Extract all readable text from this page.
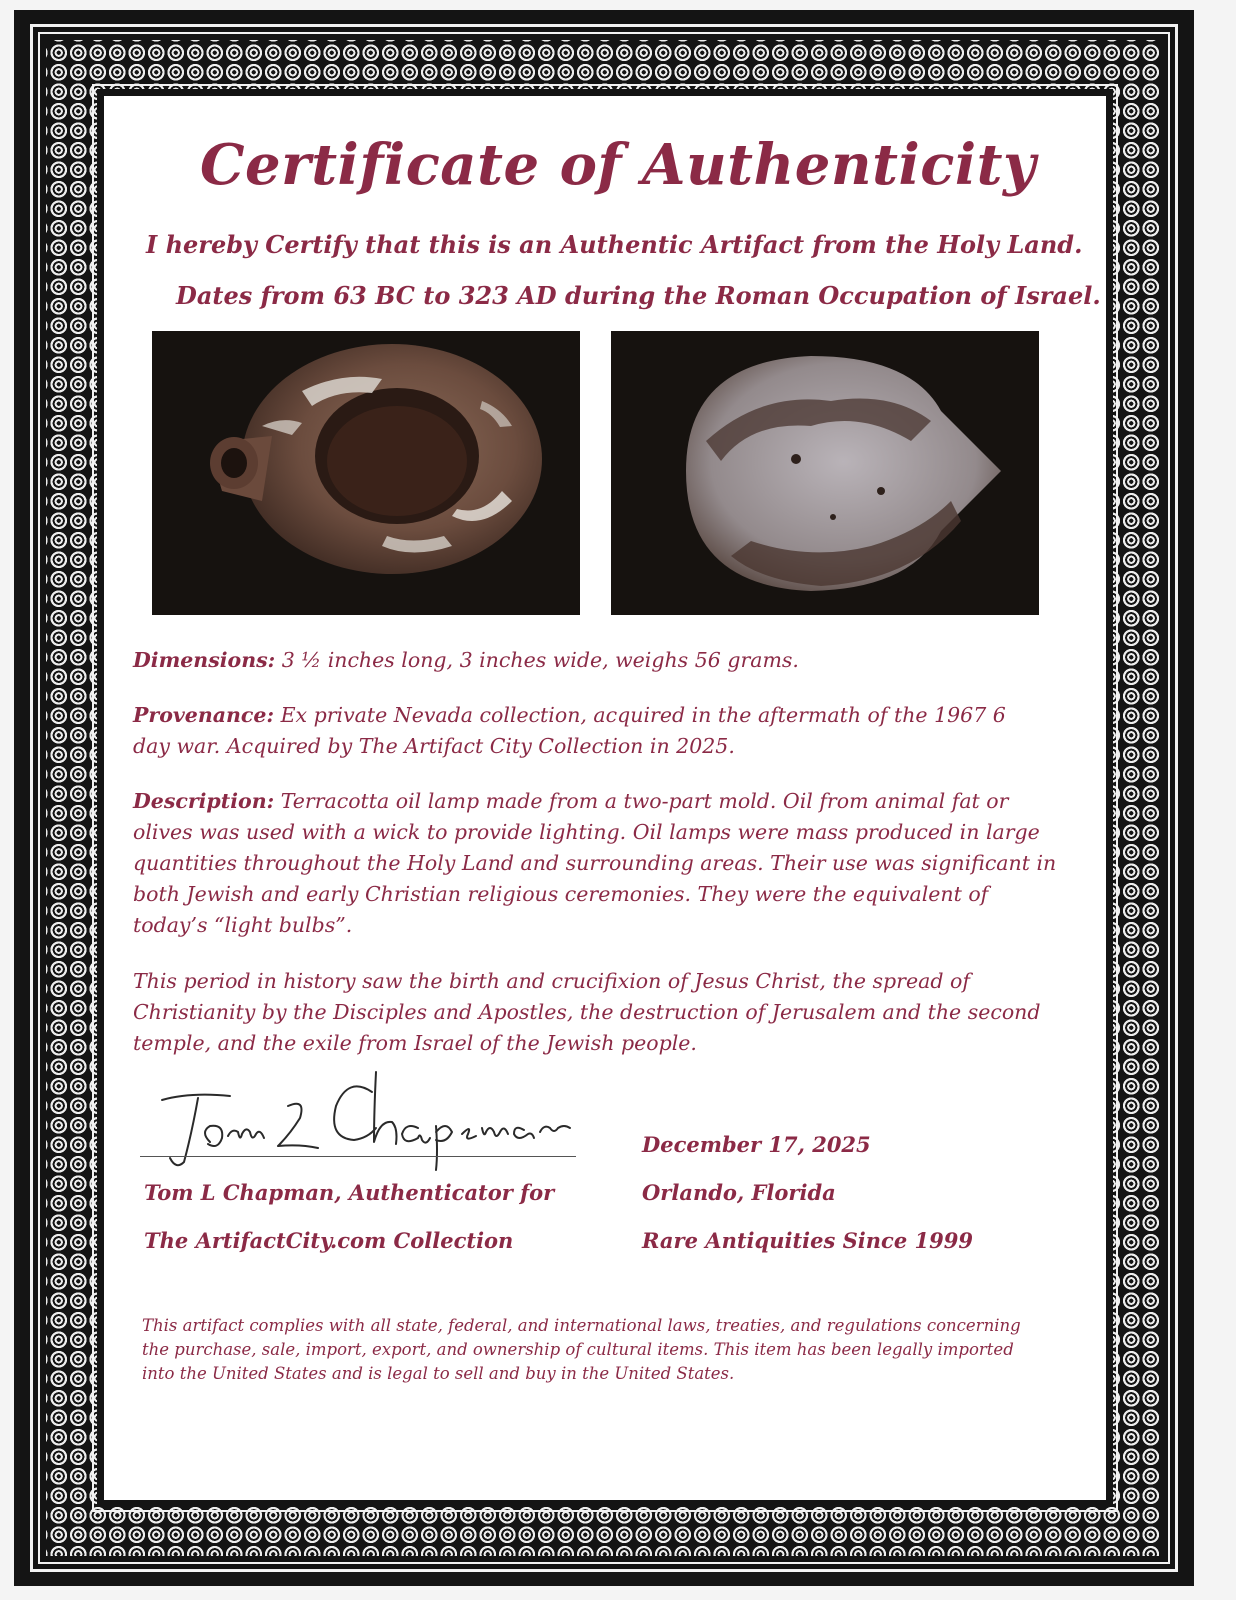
Certificate of Authenticity
I hereby Certify that this is an Authentic Artifact from the Holy Land.
Dates from 63 BC to 323 AD during the Roman Occupation of Israel.
Dimensions: 3 ½ inches long, 3 inches wide, weighs 56 grams.
Provenance: Ex private Nevada collection, acquired in the aftermath of the 1967 6 day war. Acquired by The Artifact City Collection in 2025.
Description: Terracotta oil lamp made from a two-part mold. Oil from animal fat or olives was used with a wick to provide lighting. Oil lamps were mass produced in large quantities throughout the Holy Land and surrounding areas. Their use was significant in both Jewish and early Christian religious ceremonies. They were the equivalent of today’s “light bulbs”.
This period in history saw the birth and crucifixion of Jesus Christ, the spread of Christianity by the Disciples and Apostles, the destruction of Jerusalem and the second temple, and the exile from Israel of the Jewish people.
Tom L Chapman, Authenticator for
The ArtifactCity.com Collection
December 17, 2025
Orlando, Florida
Rare Antiquities Since 1999
This artifact complies with all state, federal, and international laws, treaties, and regulations concerning the purchase, sale, import, export, and ownership of cultural items. This item has been legally imported into the United States and is legal to sell and buy in the United States.
